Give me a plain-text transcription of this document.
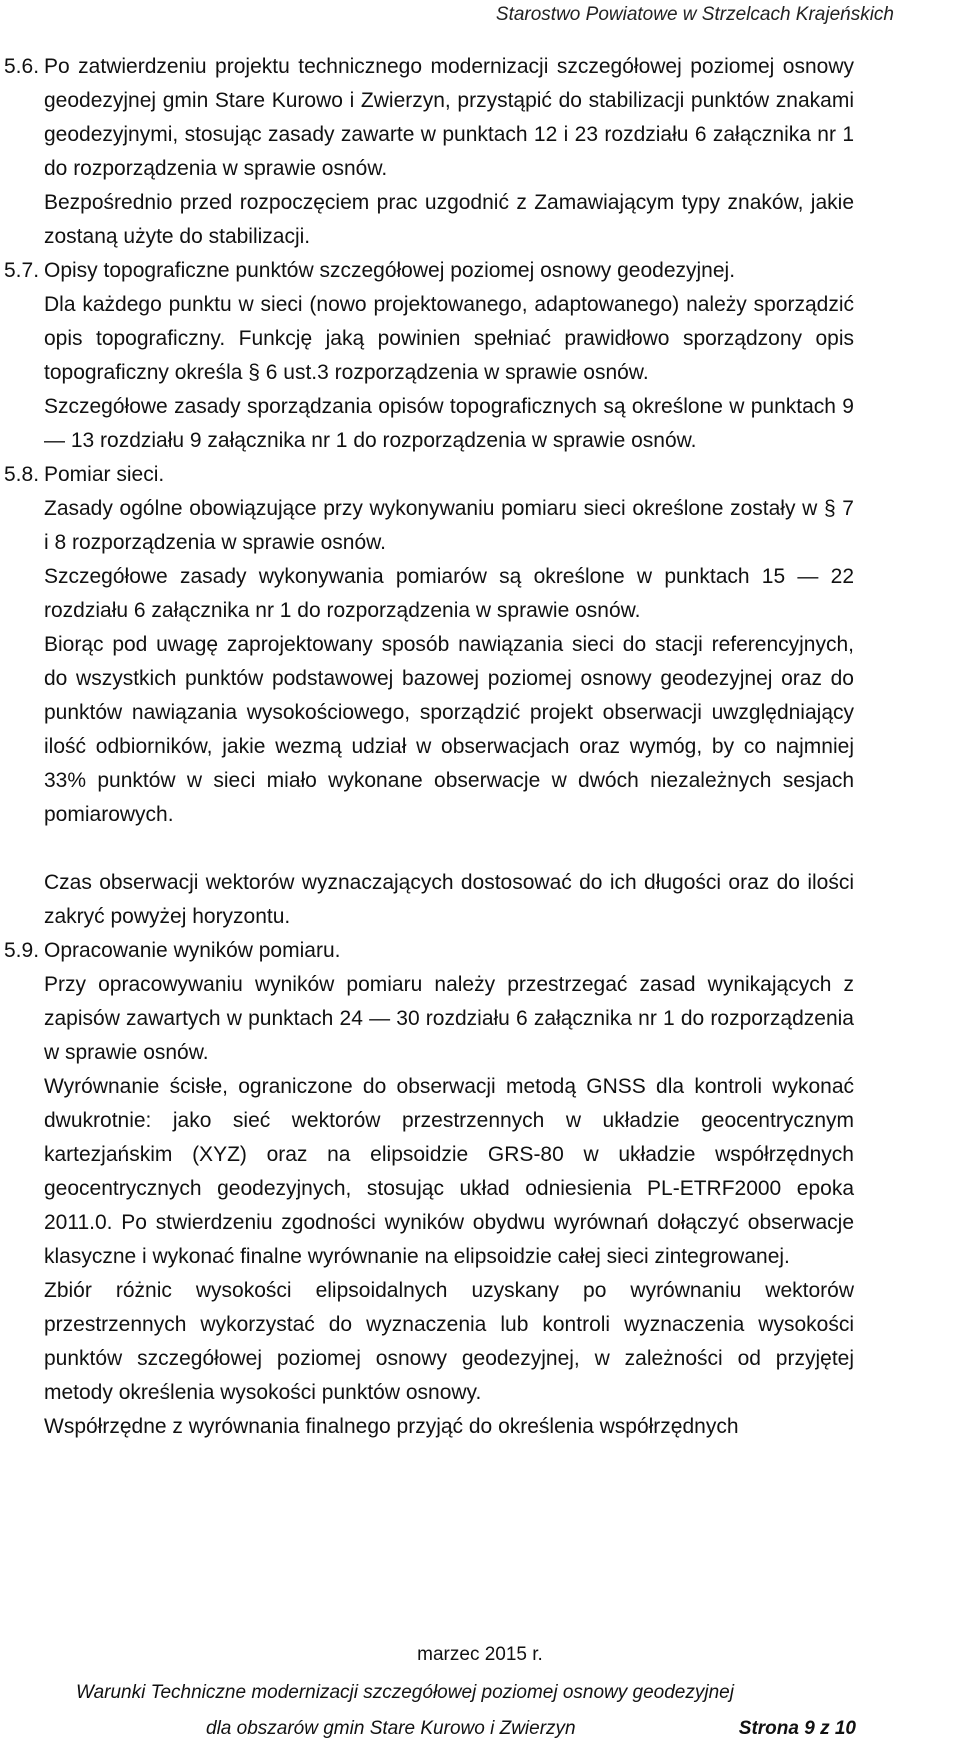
Starostwo Powiatowe w Strzelcach Krajeńskich
5.6. Po zatwierdzeniu projektu technicznego modernizacji szczegółowej poziomej osnowy geodezyjnej gmin Stare Kurowo i Zwierzyn, przystąpić do stabilizacji punktów znakami geodezyjnymi, stosując zasady zawarte w punktach 12 i 23 rozdziału 6 załącznika nr 1 do rozporządzenia w sprawie osnów.

Bezpośrednio przed rozpoczęciem prac uzgodnić z Zamawiającym typy znaków, jakie zostaną użyte do stabilizacji.

5.7. Opisy topograficzne punktów szczegółowej poziomej osnowy geodezyjnej.

Dla każdego punktu w sieci (nowo projektowanego, adaptowanego) należy sporządzić opis topograficzny. Funkcję jaką powinien spełniać prawidłowo sporządzony opis topograficzny określa § 6 ust.3 rozporządzenia w sprawie osnów.

Szczegółowe zasady sporządzania opisów topograficznych są określone w punktach 9 — 13 rozdziału 9 załącznika nr 1 do rozporządzenia w sprawie osnów.

5.8. Pomiar sieci.

Zasady ogólne obowiązujące przy wykonywaniu pomiaru sieci określone zostały w § 7 i 8 rozporządzenia w sprawie osnów.

Szczegółowe zasady wykonywania pomiarów są określone w punktach 15 — 22 rozdziału 6 załącznika nr 1 do rozporządzenia w sprawie osnów.

Biorąc pod uwagę zaprojektowany sposób nawiązania sieci do stacji referencyjnych, do wszystkich punktów podstawowej bazowej poziomej osnowy geodezyjnej oraz do punktów nawiązania wysokościowego, sporządzić projekt obserwacji uwzględniający ilość odbiorników, jakie wezmą udział w obserwacjach oraz wymóg, by co najmniej 33% punktów w sieci miało wykonane obserwacje w dwóch niezależnych sesjach pomiarowych.

Czas obserwacji wektorów wyznaczających dostosować do ich długości oraz do ilości zakryć powyżej horyzontu.

5.9. Opracowanie wyników pomiaru.

Przy opracowywaniu wyników pomiaru należy przestrzegać zasad wynikających z zapisów zawartych w punktach 24 — 30 rozdziału 6 załącznika nr 1 do rozporządzenia w sprawie osnów.

Wyrównanie ścisłe, ograniczone do obserwacji metodą GNSS dla kontroli wykonać dwukrotnie: jako sieć wektorów przestrzennych w układzie geocentrycznym kartezjańskim (XYZ) oraz na elipsoidzie GRS-80 w układzie współrzędnych geocentrycznych geodezyjnych, stosując układ odniesienia PL-ETRF2000 epoka 2011.0. Po stwierdzeniu zgodności wyników obydwu wyrównań dołączyć obserwacje klasyczne i wykonać finalne wyrównanie na elipsoidzie całej sieci zintegrowanej.

Zbiór różnic wysokości elipsoidalnych uzyskany po wyrównaniu wektorów przestrzennych wykorzystać do wyznaczenia lub kontroli wyznaczenia wysokości punktów szczegółowej poziomej osnowy geodezyjnej, w zależności od przyjętej metody określenia wysokości punktów osnowy.

Współrzędne z wyrównania finalnego przyjąć do określenia współrzędnych

marzec 2015 r.
Warunki Techniczne modernizacji szczegółowej poziomej osnowy geodezyjnej
dla obszarów gmin Stare Kurowo i Zwierzyn	Strona 9 z 10
